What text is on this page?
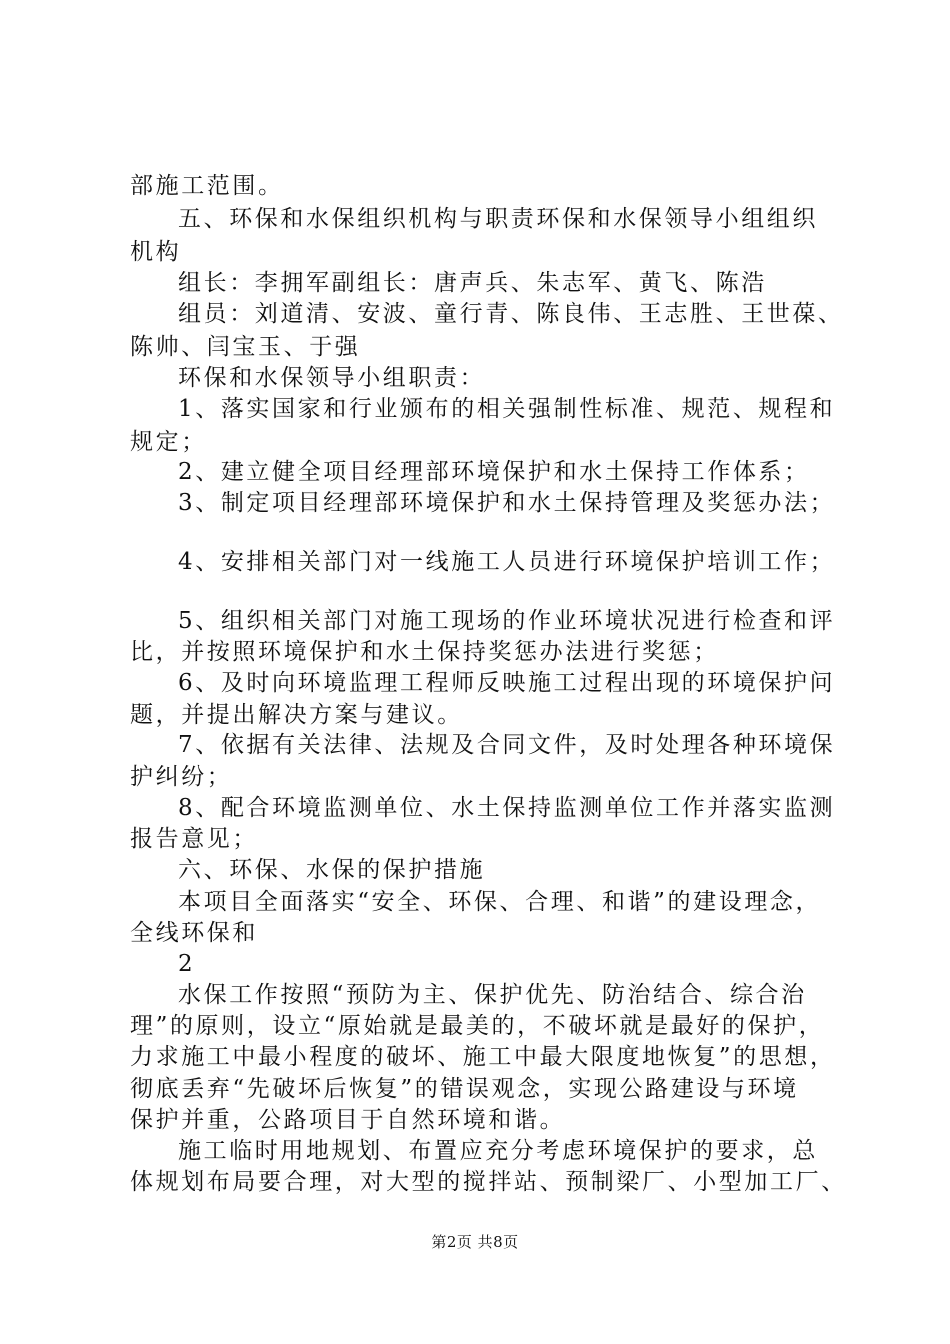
部施工范围。
五、环保和水保组织机构与职责环保和水保领导小组组织
机构
组长：李拥军副组长：唐声兵、朱志军、黄飞、陈浩
组员：刘道清、安波、童行青、陈良伟、王志胜、王世葆、
陈帅、闫宝玉、于强
环保和水保领导小组职责：
1、落实国家和行业颁布的相关强制性标准、规范、规程和
规定；
2、建立健全项目经理部环境保护和水土保持工作体系；
3、制定项目经理部环境保护和水土保持管理及奖惩办法；
4、安排相关部门对一线施工人员进行环境保护培训工作；
5、组织相关部门对施工现场的作业环境状况进行检查和评
比，并按照环境保护和水土保持奖惩办法进行奖惩；
6、及时向环境监理工程师反映施工过程出现的环境保护问
题，并提出解决方案与建议。
7、依据有关法律、法规及合同文件，及时处理各种环境保
护纠纷；
8、配合环境监测单位、水土保持监测单位工作并落实监测
报告意见；
六、环保、水保的保护措施
本项目全面落实“安全、环保、合理、和谐”的建设理念，
全线环保和
2
水保工作按照“预防为主、保护优先、防治结合、综合治
理”的原则，设立“原始就是最美的，不破坏就是最好的保护，
力求施工中最小程度的破坏、施工中最大限度地恢复”的思想，
彻底丢弃“先破坏后恢复”的错误观念，实现公路建设与环境
保护并重，公路项目于自然环境和谐。
施工临时用地规划、布置应充分考虑环境保护的要求，总
体规划布局要合理，对大型的搅拌站、预制梁厂、小型加工厂、
第2页 共8页
